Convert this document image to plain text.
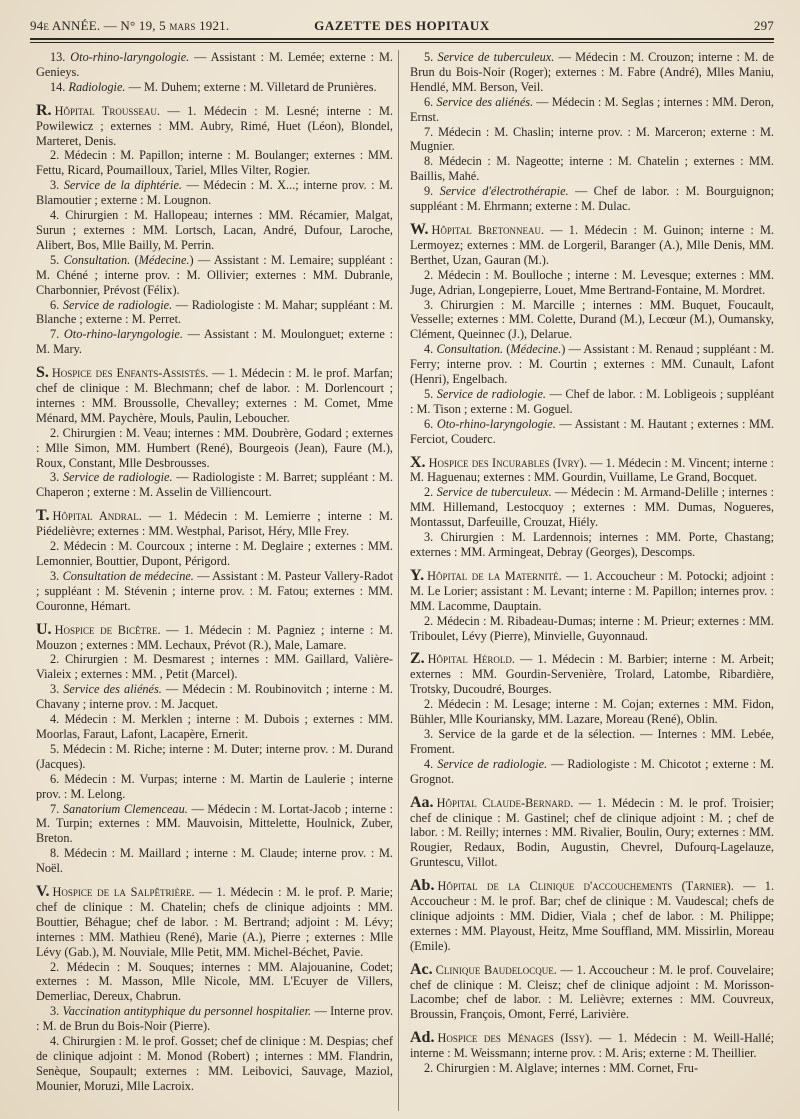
94e ANNÉE. — N° 19, 5 mars 1921.	GAZETTE DES HOPITAUX	297

13. Oto-rhino-laryngologie. — Assistant : M. Lemée; externe : M. Genieys.

14. Radiologie. — M. Duhem; externe : M. Villetard de Prunières.

R. Hôpital Trousseau. — 1. Médecin : M. Lesné; interne : M. Powilewicz ; externes : MM. Aubry, Rimé, Huet (Léon), Blondel, Marteret, Denis.

2. Médecin : M. Papillon; interne : M. Boulanger; externes : MM. Fettu, Ricard, Poumailloux, Tariel, Mlles Vilter, Rogier.

3. Service de la diphtérie. — Médecin : M. X...; interne prov. : M. Blamoutier ; externe : M. Lougnon.

4. Chirurgien : M. Hallopeau; internes : MM. Récamier, Malgat, Surun ; externes : MM. Lortsch, Lacan, André, Dufour, Laroche, Alibert, Bos, Mlle Bailly, M. Perrin.

5. Consultation. (Médecine.) — Assistant : M. Lemaire; suppléant : M. Chéné ; interne prov. : M. Ollivier; externes : MM. Dubranle, Charbonnier, Prévost (Félix).

6. Service de radiologie. — Radiologiste : M. Mahar; suppléant : M. Blanche ; externe : M. Perret.

7. Oto-rhino-laryngologie. — Assistant : M. Moulonguet; externe : M. Mary.

S. Hospice des Enfants-Assistés. — 1. Médecin : M. le prof. Marfan; chef de clinique : M. Blechmann; chef de labor. : M. Dorlencourt ; internes : MM. Broussolle, Chevalley; externes : M. Comet, Mme Ménard, MM. Paychère, Mouls, Paulin, Leboucher.

2. Chirurgien : M. Veau; internes : MM. Doubrère, Godard ; externes : Mlle Simon, MM. Humbert (René), Bourgeois (Jean), Faure (M.), Roux, Constant, Mlle Desbrousses.

3. Service de radiologie. — Radiologiste : M. Barret; suppléant : M. Chaperon ; externe : M. Asselin de Villiencourt.

T. Hôpital Andral. — 1. Médecin : M. Lemierre ; interne : M. Piédelièvre; externes : MM. Westphal, Parisot, Héry, Mlle Frey.

2. Médecin : M. Courcoux ; interne : M. Deglaire ; externes : MM. Lemonnier, Bouttier, Dupont, Périgord.

3. Consultation de médecine. — Assistant : M. Pasteur Vallery-Radot ; suppléant : M. Stévenin ; interne prov. : M. Fatou; externes : MM. Couronne, Hémart.

U. Hospice de Bicêtre. — 1. Médecin : M. Pagniez ; interne : M. Mouzon ; externes : MM. Lechaux, Prévot (R.), Male, Lamare.

2. Chirurgien : M. Desmarest ; internes : MM. Gaillard, Valière-Vialeix ; externes : MM. , Petit (Marcel).

3. Service des aliénés. — Médecin : M. Roubinovitch ; interne : M. Chavany ; interne prov. : M. Jacquet.

4. Médecin : M. Merklen ; interne : M. Dubois ; externes : MM. Moorlas, Faraut, Lafont, Lacapère, Ernerit.

5. Médecin : M. Riche; interne : M. Duter; interne prov. : M. Durand (Jacques).

6. Médecin : M. Vurpas; interne : M. Martin de Laulerie ; interne prov. : M. Lelong.

7. Sanatorium Clemenceau. — Médecin : M. Lortat-Jacob ; interne : M. Turpin; externes : MM. Mauvoisin, Mittelette, Houlnick, Zuber, Breton.

8. Médecin : M. Maillard ; interne : M. Claude; interne prov. : M. Noël.

V. Hospice de la Salpêtrière. — 1. Médecin : M. le prof. P. Marie; chef de clinique : M. Chatelin; chefs de clinique adjoints : MM. Bouttier, Béhague; chef de labor. : M. Bertrand; adjoint : M. Lévy; internes : MM. Mathieu (René), Marie (A.), Pierre ; externes : Mlle Lévy (Gab.), M. Nouviale, Mlle Petit, MM. Michel-Béchet, Pavie.

2. Médecin : M. Souques; internes : MM. Alajouanine, Codet; externes : M. Masson, Mlle Nicole, MM. L'Ecuyer de Villers, Demerliac, Dereux, Chabrun.

3. Vaccination antityphique du personnel hospitalier. — Interne prov. : M. de Brun du Bois-Noir (Pierre).

4. Chirurgien : M. le prof. Gosset; chef de clinique : M. Despias; chef de clinique adjoint : M. Monod (Robert) ; internes : MM. Flandrin, Senèque, Soupault; externes : MM. Leibovici, Sauvage, Maziol, Mounier, Moruzi, Mlle Lacroix.

5. Service de tuberculeux. — Médecin : M. Crouzon; interne : M. de Brun du Bois-Noir (Roger); externes : M. Fabre (André), Mlles Maniu, Hendlé, MM. Berson, Veil.

6. Service des aliénés. — Médecin : M. Seglas ; internes : MM. Deron, Ernst.

7. Médecin : M. Chaslin; interne prov. : M. Marceron; externe : M. Mugnier.

8. Médecin : M. Nageotte; interne : M. Chatelin ; externes : MM. Baillis, Mahé.

9. Service d'électrothérapie. — Chef de labor. : M. Bourguignon; suppléant : M. Ehrmann; externe : M. Dulac.

W. Hôpital Bretonneau. — 1. Médecin : M. Guinon; interne : M. Lermoyez; externes : MM. de Lorgeril, Baranger (A.), Mlle Denis, MM. Berthet, Uzan, Gauran (M.).

2. Médecin : M. Boulloche ; interne : M. Levesque; externes : MM. Juge, Adrian, Longepierre, Louet, Mme Bertrand-Fontaine, M. Mordret.

3. Chirurgien : M. Marcille ; internes : MM. Buquet, Foucault, Vesselle; externes : MM. Colette, Durand (M.), Lecœur (M.), Oumansky, Clément, Queinnec (J.), Delarue.

4. Consultation. (Médecine.) — Assistant : M. Renaud ; suppléant : M. Ferry; interne prov. : M. Courtin ; externes : MM. Cunault, Lafont (Henri), Engelbach.

5. Service de radiologie. — Chef de labor. : M. Lobligeois ; suppléant : M. Tison ; externe : M. Goguel.

6. Oto-rhino-laryngologie. — Assistant : M. Hautant ; externes : MM. Ferciot, Couderc.

X. Hospice des Incurables (Ivry). — 1. Médecin : M. Vincent; interne : M. Haguenau; externes : MM. Gourdin, Vuillame, Le Grand, Bocquet.

2. Service de tuberculeux. — Médecin : M. Armand-Delille ; internes : MM. Hillemand, Lestocquoy ; externes : MM. Dumas, Nogueres, Montassut, Darfeuille, Crouzat, Hiély.

3. Chirurgien : M. Lardennois; internes : MM. Porte, Chastang; externes : MM. Armingeat, Debray (Georges), Descomps.

Y. Hôpital de la Maternité. — 1. Accoucheur : M. Potocki; adjoint : M. Le Lorier; assistant : M. Levant; interne : M. Papillon; internes prov. : MM. Lacomme, Dauptain.

2. Médecin : M. Ribadeau-Dumas; interne : M. Prieur; externes : MM. Triboulet, Lévy (Pierre), Minvielle, Guyonnaud.

Z. Hôpital Hérold. — 1. Médecin : M. Barbier; interne : M. Arbeit; externes : MM. Gourdin-Servenière, Trolard, Latombe, Ribardière, Trotsky, Ducoudré, Bourges.

2. Médecin : M. Lesage; interne : M. Cojan; externes : MM. Fidon, Bühler, Mlle Kouriansky, MM. Lazare, Moreau (René), Oblin.

3. Service de la garde et de la sélection. — Internes : MM. Lebée, Froment.

4. Service de radiologie. — Radiologiste : M. Chicotot ; externe : M. Grognot.

Aa. Hôpital Claude-Bernard. — 1. Médecin : M. le prof. Troisier; chef de clinique : M. Gastinel; chef de clinique adjoint : M. ; chef de labor. : M. Reilly; internes : MM. Rivalier, Boulin, Oury; externes : MM. Rougier, Redaux, Bodin, Augustin, Chevrel, Dufourq-Lagelauze, Gruntescu, Villot.

Ab. Hôpital de la Clinique d'accouchements (Tarnier). — 1. Accoucheur : M. le prof. Bar; chef de clinique : M. Vaudescal; chefs de clinique adjoints : MM. Didier, Viala ; chef de labor. : M. Philippe; externes : MM. Playoust, Heitz, Mme Souffland, MM. Missirlin, Moreau (Emile).

Ac. Clinique Baudelocque. — 1. Accoucheur : M. le prof. Couvelaire; chef de clinique : M. Cleisz; chef de clinique adjoint : M. Morisson-Lacombe; chef de labor. : M. Lelièvre; externes : MM. Couvreux, Broussin, François, Omont, Ferré, Larivière.

Ad. Hospice des Ménages (Issy). — 1. Médecin : M. Weill-Hallé; interne : M. Weissmann; interne prov. : M. Aris; externe : M. Theillier.

2. Chirurgien : M. Alglave; internes : MM. Cornet, Fru-
